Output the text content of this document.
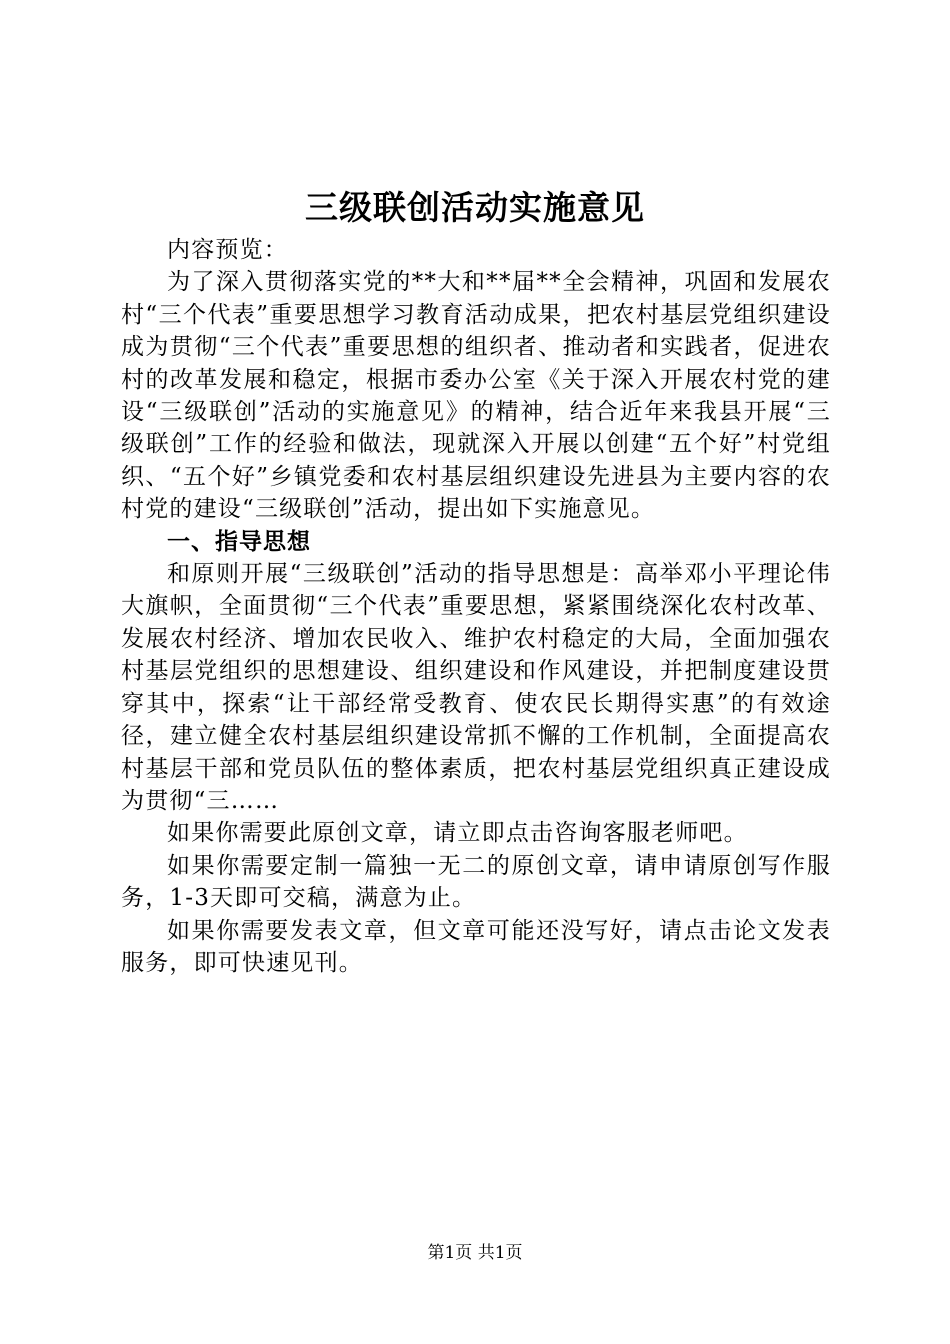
三级联创活动实施意见

内容预览：

为了深入贯彻落实党的**大和**届**全会精神，巩固和发展农村“三个代表”重要思想学习教育活动成果，把农村基层党组织建设成为贯彻“三个代表”重要思想的组织者、推动者和实践者，促进农村的改革发展和稳定，根据市委办公室《关于深入开展农村党的建设“三级联创”活动的实施意见》的精神，结合近年来我县开展“三级联创”工作的经验和做法，现就深入开展以创建“五个好”村党组织、“五个好”乡镇党委和农村基层组织建设先进县为主要内容的农村党的建设“三级联创”活动，提出如下实施意见。

一、指导思想

和原则开展“三级联创”活动的指导思想是：高举邓小平理论伟大旗帜，全面贯彻“三个代表”重要思想，紧紧围绕深化农村改革、发展农村经济、增加农民收入、维护农村稳定的大局，全面加强农村基层党组织的思想建设、组织建设和作风建设，并把制度建设贯穿其中，探索“让干部经常受教育、使农民长期得实惠”的有效途径，建立健全农村基层组织建设常抓不懈的工作机制，全面提高农村基层干部和党员队伍的整体素质，把农村基层党组织真正建设成为贯彻“三……

如果你需要此原创文章，请立即点击咨询客服老师吧。

如果你需要定制一篇独一无二的原创文章，请申请原创写作服务，1-3天即可交稿，满意为止。

如果你需要发表文章，但文章可能还没写好，请点击论文发表服务，即可快速见刊。

第1页 共1页
